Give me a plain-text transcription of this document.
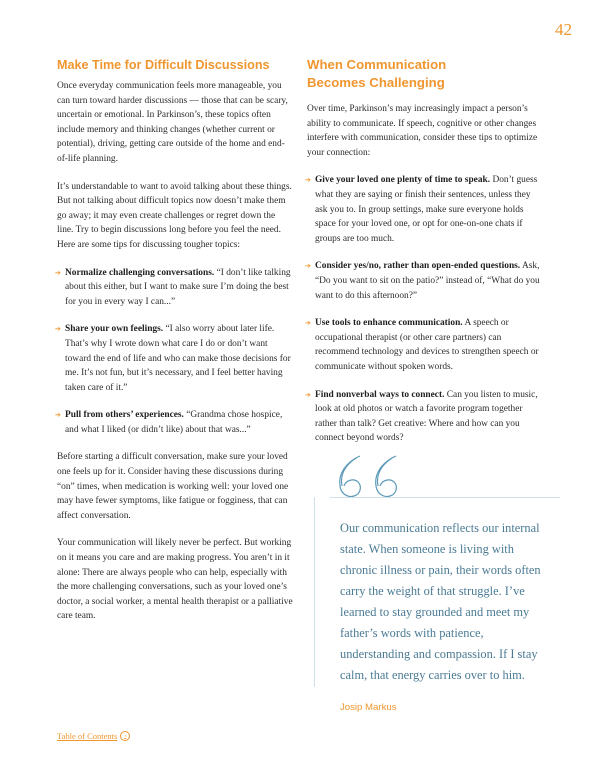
42
Make Time for Difficult Discussions

Once everyday communication feels more manageable, you can turn toward harder discussions — those that can be scary, uncertain or emotional. In Parkinson’s, these topics often include memory and thinking changes (whether current or potential), driving, getting care outside of the home and end-of-life planning.

It’s understandable to want to avoid talking about these things. But not talking about difficult topics now doesn’t make them go away; it may even create challenges or regret down the line. Try to begin discussions long before you feel the need. Here are some tips for discussing tougher topics:

➔ Normalize challenging conversations. “I don’t like talking about this either, but I want to make sure I’m doing the best for you in every way I can...”

➔ Share your own feelings. “I also worry about later life. That’s why I wrote down what care I do or don’t want toward the end of life and who can make those decisions for me. It’s not fun, but it’s necessary, and I feel better having taken care of it.”

➔ Pull from others’ experiences. “Grandma chose hospice, and what I liked (or didn’t like) about that was...”

Before starting a difficult conversation, make sure your loved one feels up for it. Consider having these discussions during “on” times, when medication is working well: your loved one may have fewer symptoms, like fatigue or fogginess, that can affect conversation.

Your communication will likely never be perfect. But working on it means you care and are making progress. You aren’t in it alone: There are always people who can help, especially with the more challenging conversations, such as your loved one’s doctor, a social worker, a mental health therapist or a palliative care team.

When Communication
Becomes Challenging

Over time, Parkinson’s may increasingly impact a person’s ability to communicate. If speech, cognitive or other changes interfere with communication, consider these tips to optimize your connection:

➔ Give your loved one plenty of time to speak. Don’t guess what they are saying or finish their sentences, unless they ask you to. In group settings, make sure everyone holds space for your loved one, or opt for one-on-one chats if groups are too much.

➔ Consider yes/no, rather than open-ended questions. Ask, “Do you want to sit on the patio?” instead of, “What do you want to do this afternoon?”

➔ Use tools to enhance communication. A speech or occupational therapist (or other care partners) can recommend technology and devices to strengthen speech or communicate without spoken words.

➔ Find nonverbal ways to connect. Can you listen to music, look at old photos or watch a favorite program together rather than talk? Get creative: Where and how can you connect beyond words?

Our communication reflects our internal state. When someone is living with chronic illness or pain, their words often carry the weight of that struggle. I’ve learned to stay grounded and meet my father’s words with patience, understanding and compassion. If I stay calm, that energy carries over to him.
Josip Markus
Table of Contents	›
